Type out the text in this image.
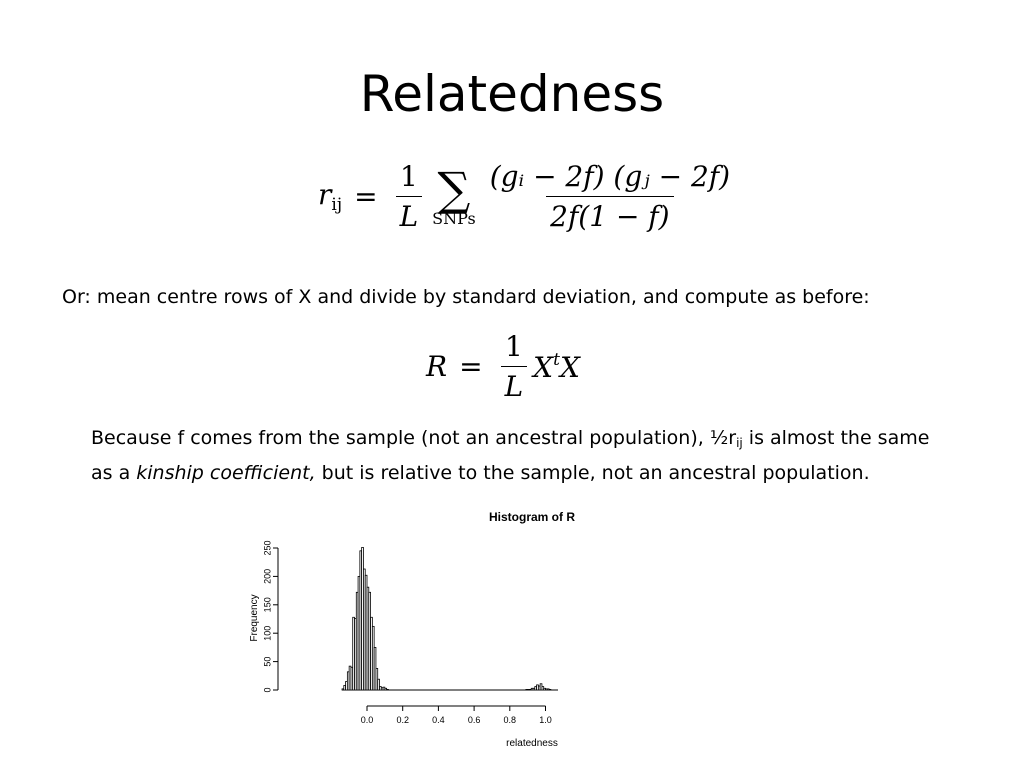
Relatedness
$r_{ij} = \frac{1}{L}$ ∑
SNPs $\frac{\text{(gᵢ − 2f) (gⱼ − 2f)}}{2f(1 - f)}$
Or: mean centre rows of X and divide by standard deviation, and compute as before:
$R = \frac{1}{L} X^tX$
Because f comes from the sample (not an ancestral population), $\frac{1}{2}r_{ij}$ is almost the same as a kinship coefficient, but is relative to the sample, not an ancestral population.
Histogram of R
0
50
100
150
200
250
Frequency
0.0	0.2	0.4	0.6	0.8	1.0
relatedness
